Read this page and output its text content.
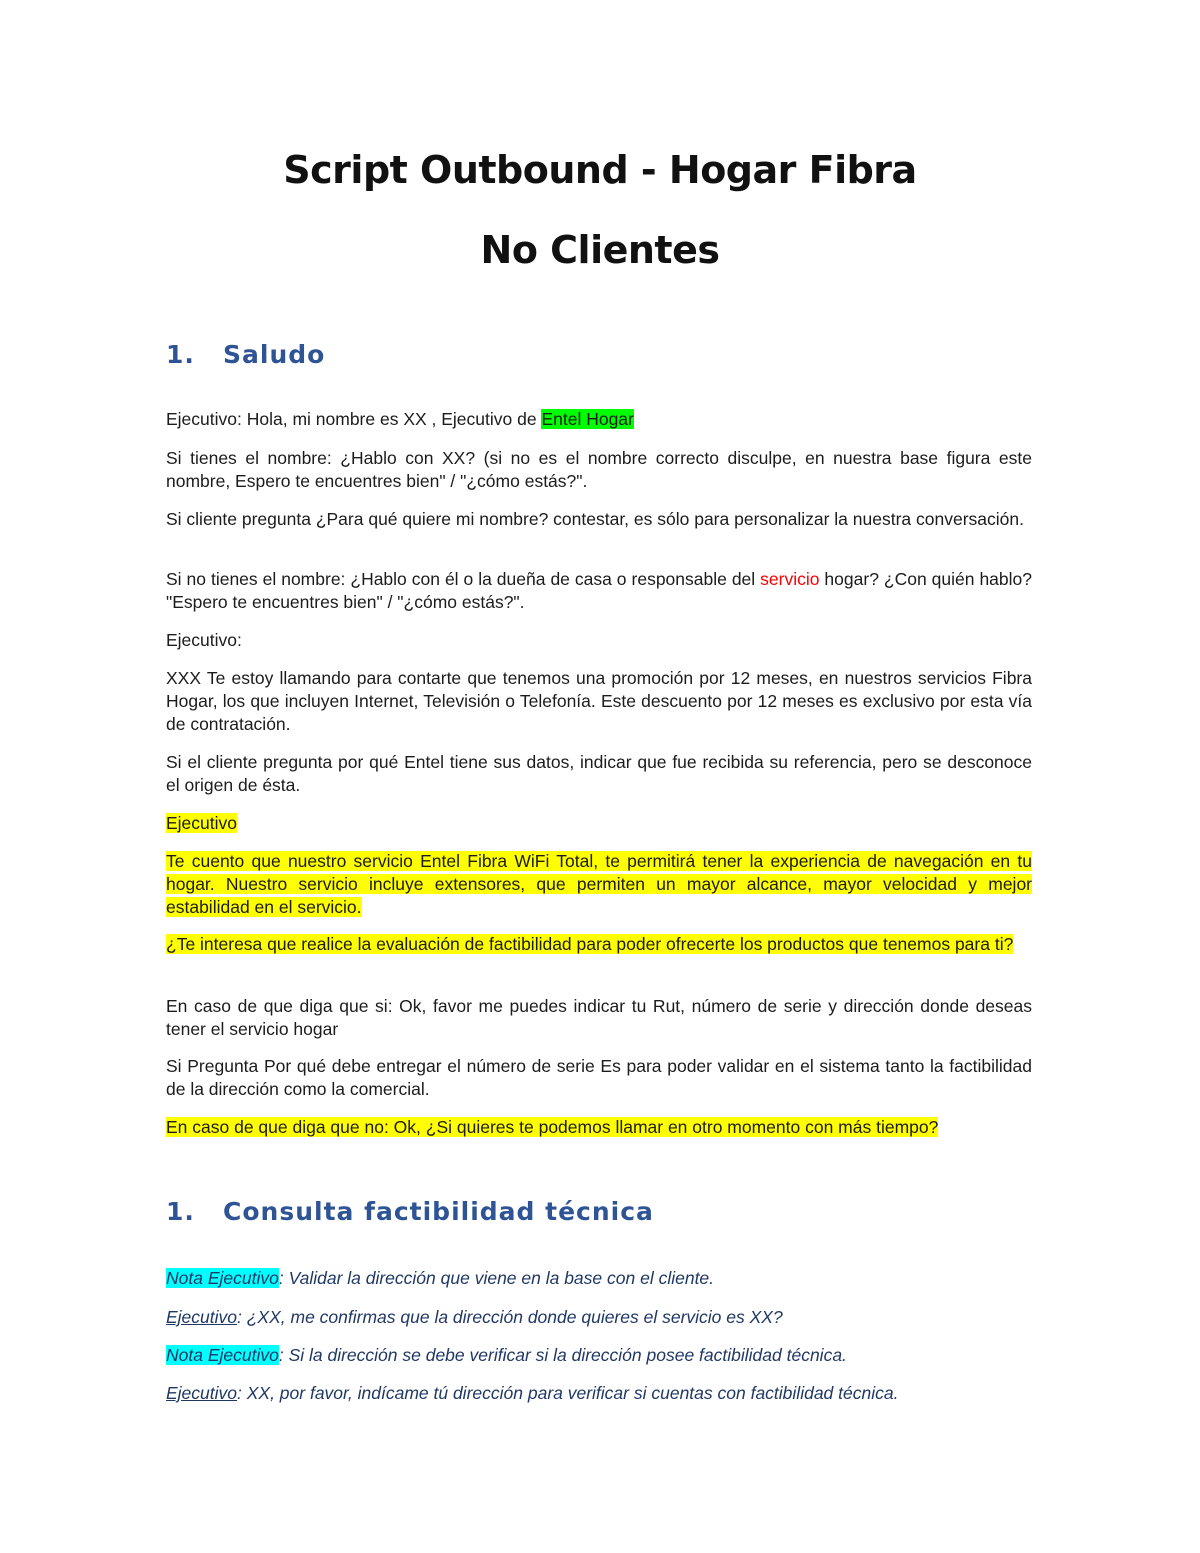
Script Outbound - Hogar Fibra
No Clientes
1. Saludo

Ejecutivo: Hola, mi nombre es XX , Ejecutivo de Entel Hogar

Si tienes el nombre: ¿Hablo con XX? (si no es el nombre correcto disculpe, en nuestra base figura este nombre, Espero te encuentres bien" / "¿cómo estás?".

Si cliente pregunta ¿Para qué quiere mi nombre? contestar, es sólo para personalizar la nuestra conversación.

Si no tienes el nombre: ¿Hablo con él o la dueña de casa o responsable del servicio hogar? ¿Con quién hablo? "Espero te encuentres bien" / "¿cómo estás?".

Ejecutivo:

XXX Te estoy llamando para contarte que tenemos una promoción por 12 meses, en nuestros servicios Fibra Hogar, los que incluyen Internet, Televisión o Telefonía. Este descuento por 12 meses es exclusivo por esta vía de contratación.

Si el cliente pregunta por qué Entel tiene sus datos, indicar que fue recibida su referencia, pero se desconoce el origen de ésta.

Ejecutivo

Te cuento que nuestro servicio Entel Fibra WiFi Total, te permitirá tener la experiencia de navegación en tu hogar. Nuestro servicio incluye extensores, que permiten un mayor alcance, mayor velocidad y mejor estabilidad en el servicio.

¿Te interesa que realice la evaluación de factibilidad para poder ofrecerte los productos que tenemos para ti?

En caso de que diga que si: Ok, favor me puedes indicar tu Rut, número de serie y dirección donde deseas tener el servicio hogar

Si Pregunta Por qué debe entregar el número de serie Es para poder validar en el sistema tanto la factibilidad de la dirección como la comercial.

En caso de que diga que no: Ok, ¿Si quieres te podemos llamar en otro momento con más tiempo?

1. Consulta factibilidad técnica

Nota Ejecutivo: Validar la dirección que viene en la base con el cliente.

Ejecutivo: ¿XX, me confirmas que la dirección donde quieres el servicio es XX?

Nota Ejecutivo: Si la dirección se debe verificar si la dirección posee factibilidad técnica.

Ejecutivo: XX, por favor, indícame tú dirección para verificar si cuentas con factibilidad técnica.
